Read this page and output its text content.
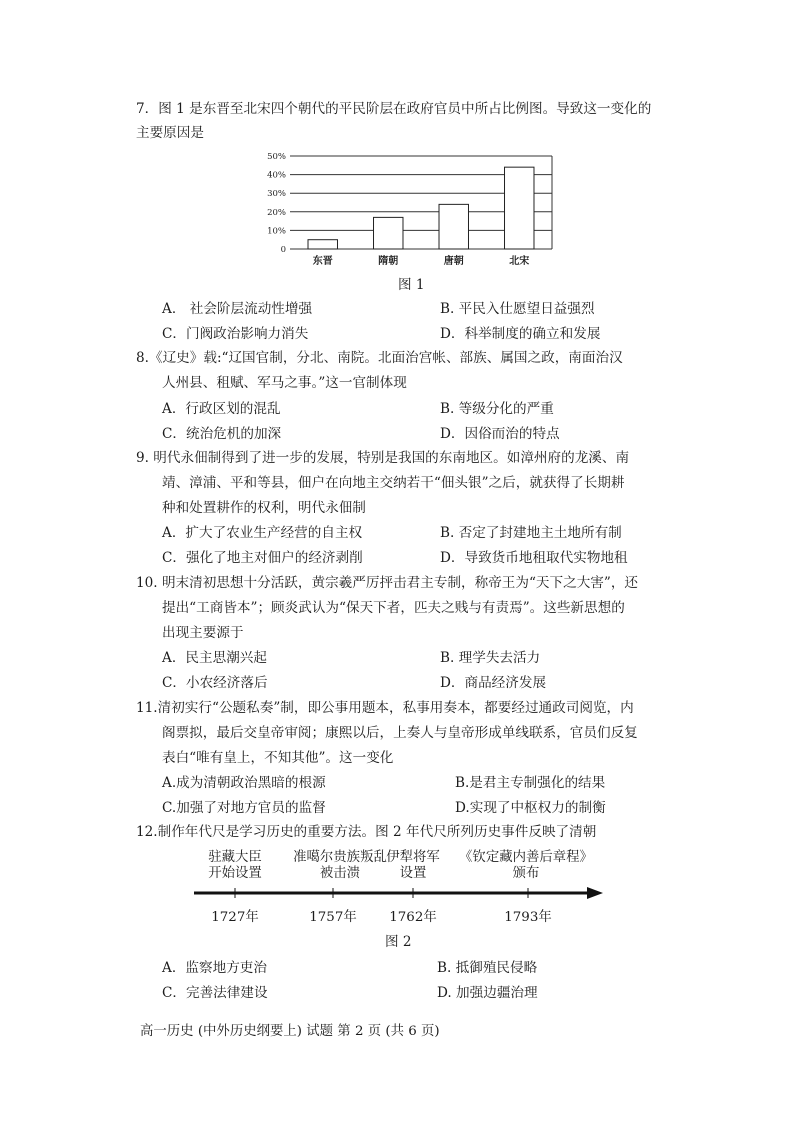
7．图 1 是东晋至北宋四个朝代的平民阶层在政府官员中所占比例图。导致这一变化的
主要原因是
0
10%
20%
30%
40%
50%
东晋	隋朝	唐朝	北宋
图 1
A． 社会阶层流动性增强	B. 平民入仕愿望日益强烈
C．门阀政治影响力消失	D．科举制度的确立和发展
8.《辽史》载:“辽国官制，分北、南院。北面治宫帐、部族、属国之政，南面治汉
人州县、租赋、军马之事。”这一官制体现
A．行政区划的混乱	B. 等级分化的严重
C．统治危机的加深	D．因俗而治的特点
9. 明代永佃制得到了进一步的发展，特别是我国的东南地区。如漳州府的龙溪、南
靖、漳浦、平和等县，佃户在向地主交纳若干“佃头银”之后，就获得了长期耕
种和处置耕作的权利，明代永佃制
A．扩大了农业生产经营的自主权	B. 否定了封建地主土地所有制
C．强化了地主对佃户的经济剥削	D．导致货币地租取代实物地租
10. 明末清初思想十分活跃，黄宗羲严厉抨击君主专制，称帝王为“天下之大害”，还
提出“工商皆本”；顾炎武认为“保天下者，匹夫之贱与有责焉”。这些新思想的
出现主要源于
A．民主思潮兴起	B. 理学失去活力
C．小农经济落后	D．商品经济发展
11.清初实行“公题私奏”制，即公事用题本，私事用奏本，都要经过通政司阅览，内
阁票拟，最后交皇帝审阅；康熙以后，上奏人与皇帝形成单线联系，官员们反复
表白“唯有皇上，不知其他”。这一变化
A.成为清朝政治黑暗的根源	B.是君主专制强化的结果
C.加强了对地方官员的监督	D.实现了中枢权力的制衡
12.制作年代尺是学习历史的重要方法。图 2 年代尺所列历史事件反映了清朝
驻藏大臣
开始设置
准噶尔贵族叛乱
被击溃
伊犁将军
设置
《钦定藏内善后章程》
颁布
1727年	1757年 1762年	1793年
图 2
A．监察地方吏治	B. 抵御殖民侵略
C．完善法律建设	D. 加强边疆治理
高一历史 (中外历史纲要上) 试题 第 2 页 (共 6 页)
